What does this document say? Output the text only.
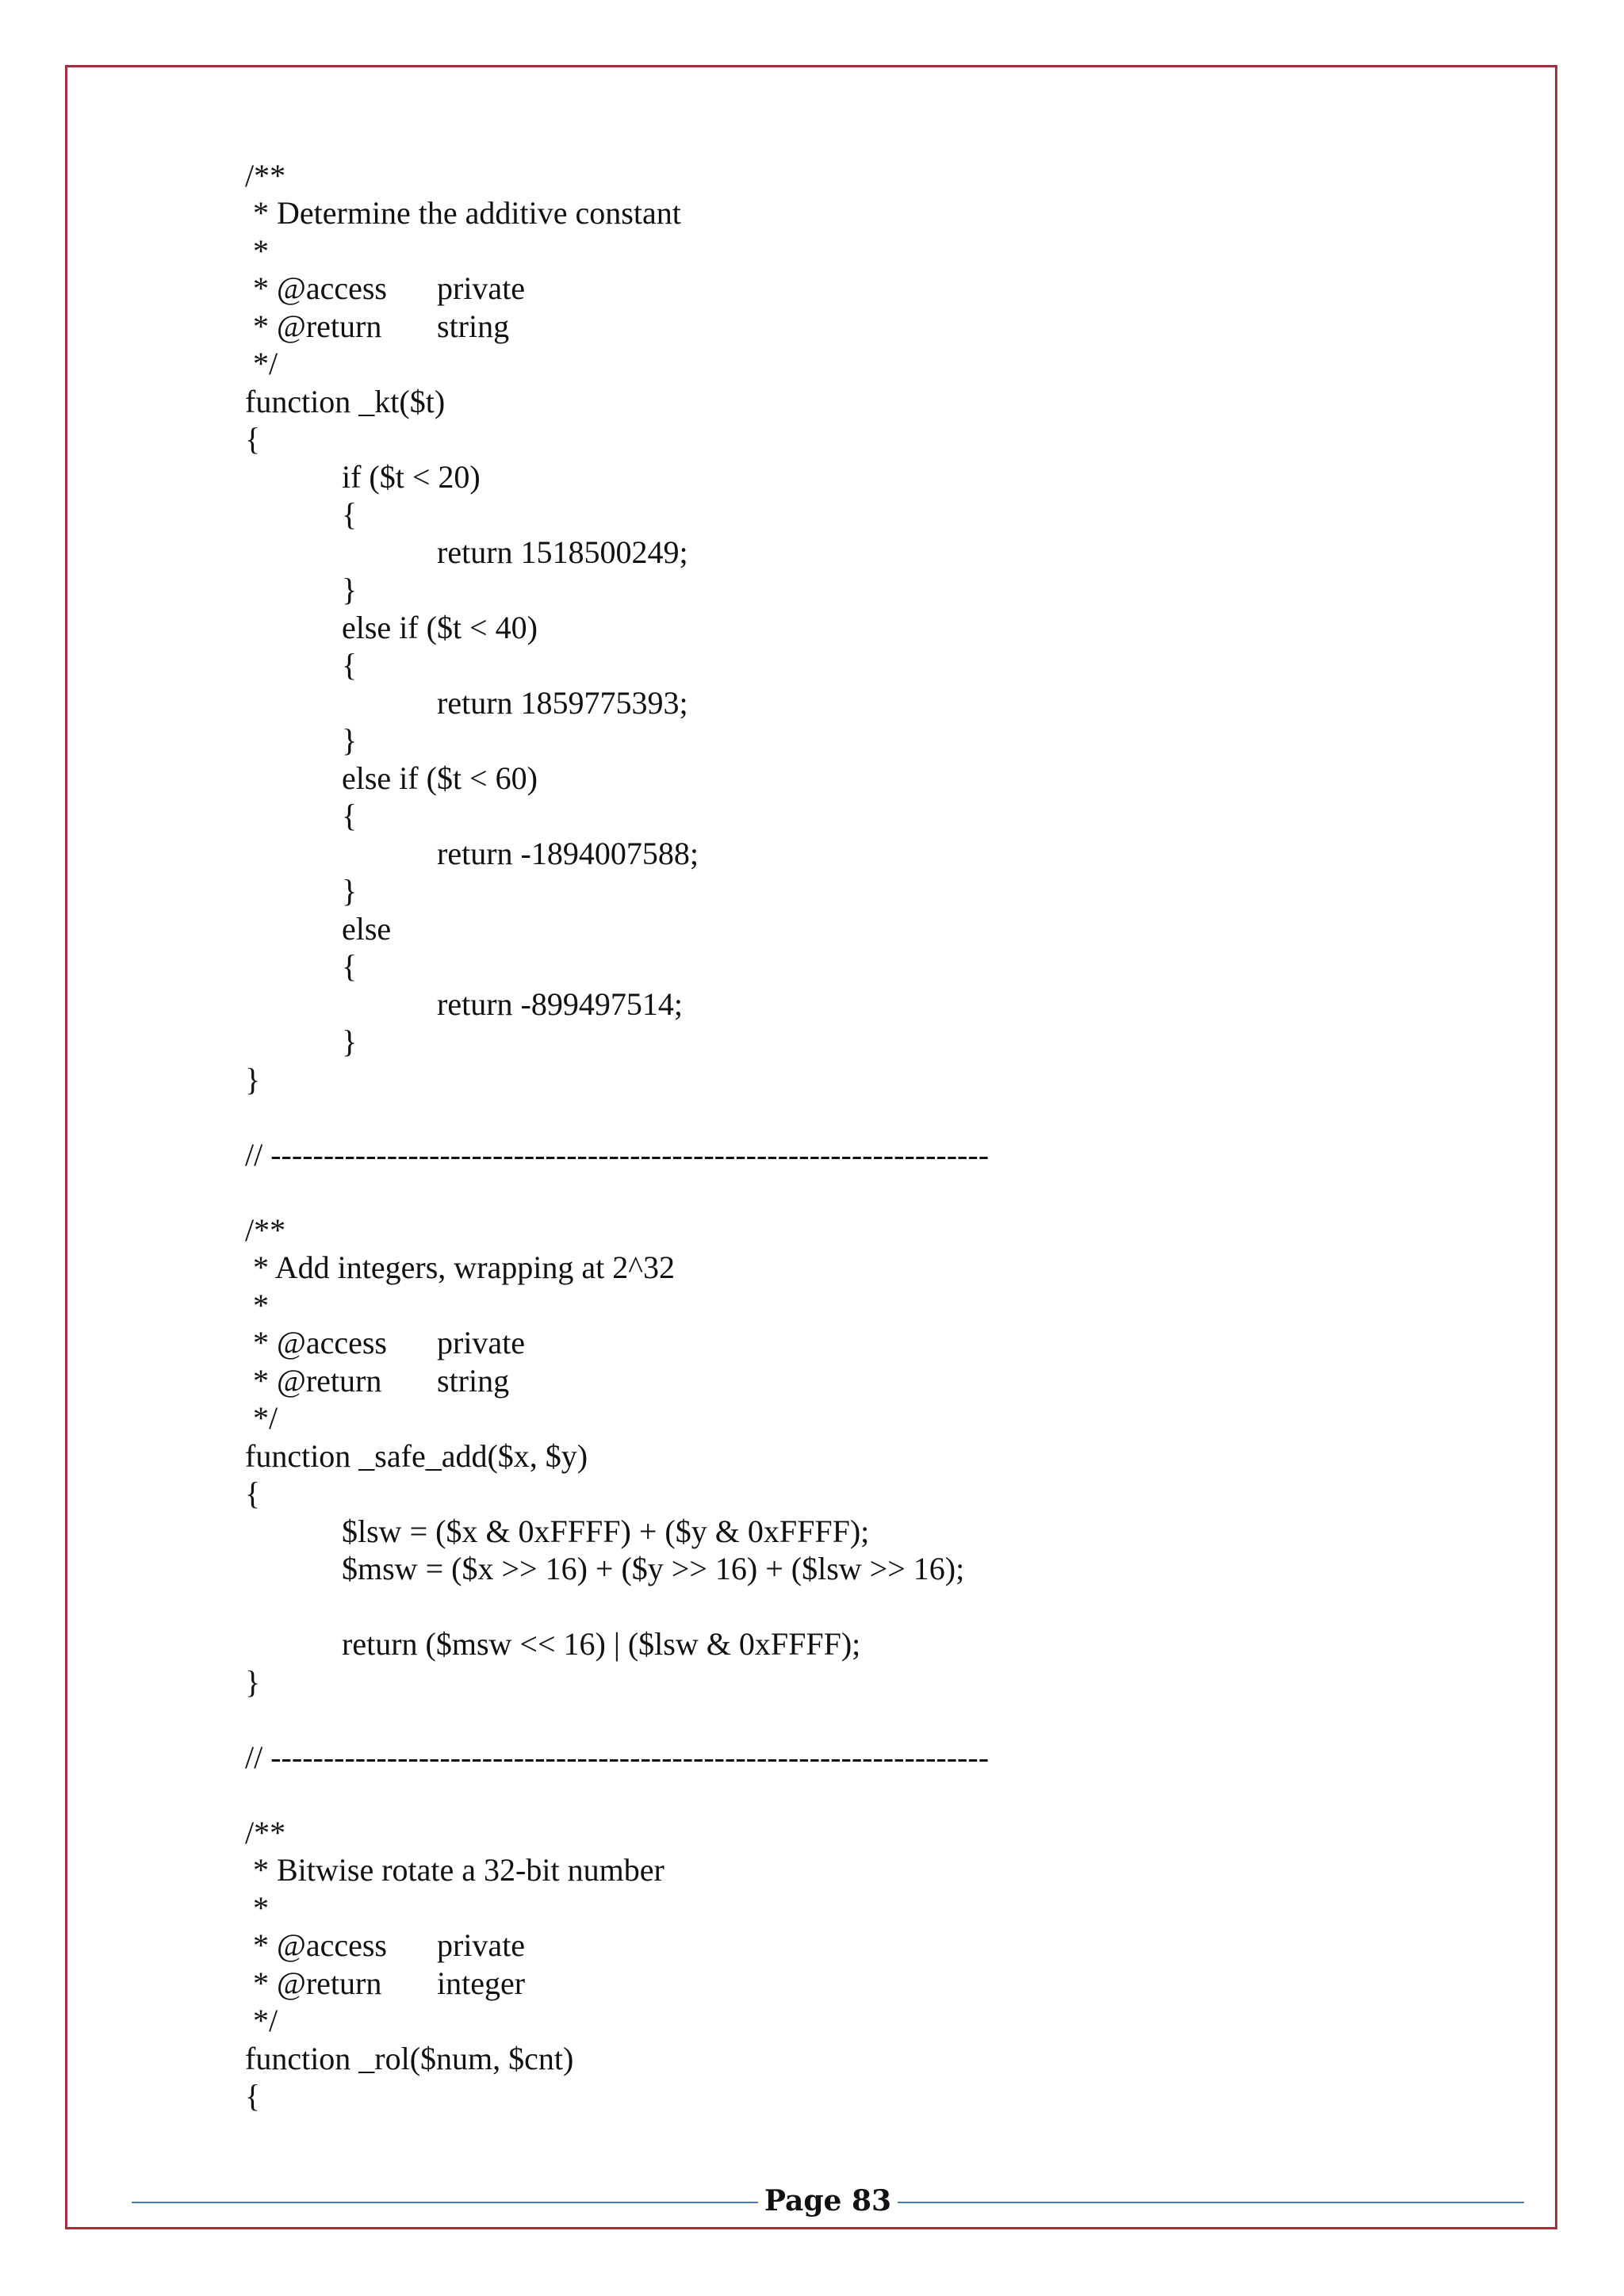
/**
* Determine the additive constant
*
* @access private
* @return string
*/
function _kt($t)
{
if ($t < 20)
{
return 1518500249;
}
else if ($t < 40)
{
return 1859775393;
}
else if ($t < 60)
{
return -1894007588;
}
else
{
return -899497514;
}
}
// --------------------------------------------------------------------
/**
* Add integers, wrapping at 2^32
*
* @access private
* @return string
*/
function _safe_add($x, $y)
{
$lsw = ($x & 0xFFFF) + ($y & 0xFFFF);
$msw = ($x >> 16) + ($y >> 16) + ($lsw >> 16);
return ($msw << 16) | ($lsw & 0xFFFF);
}
// --------------------------------------------------------------------
/**
* Bitwise rotate a 32-bit number
*
* @access private
* @return integer
*/
function _rol($num, $cnt)
{
Page 83
